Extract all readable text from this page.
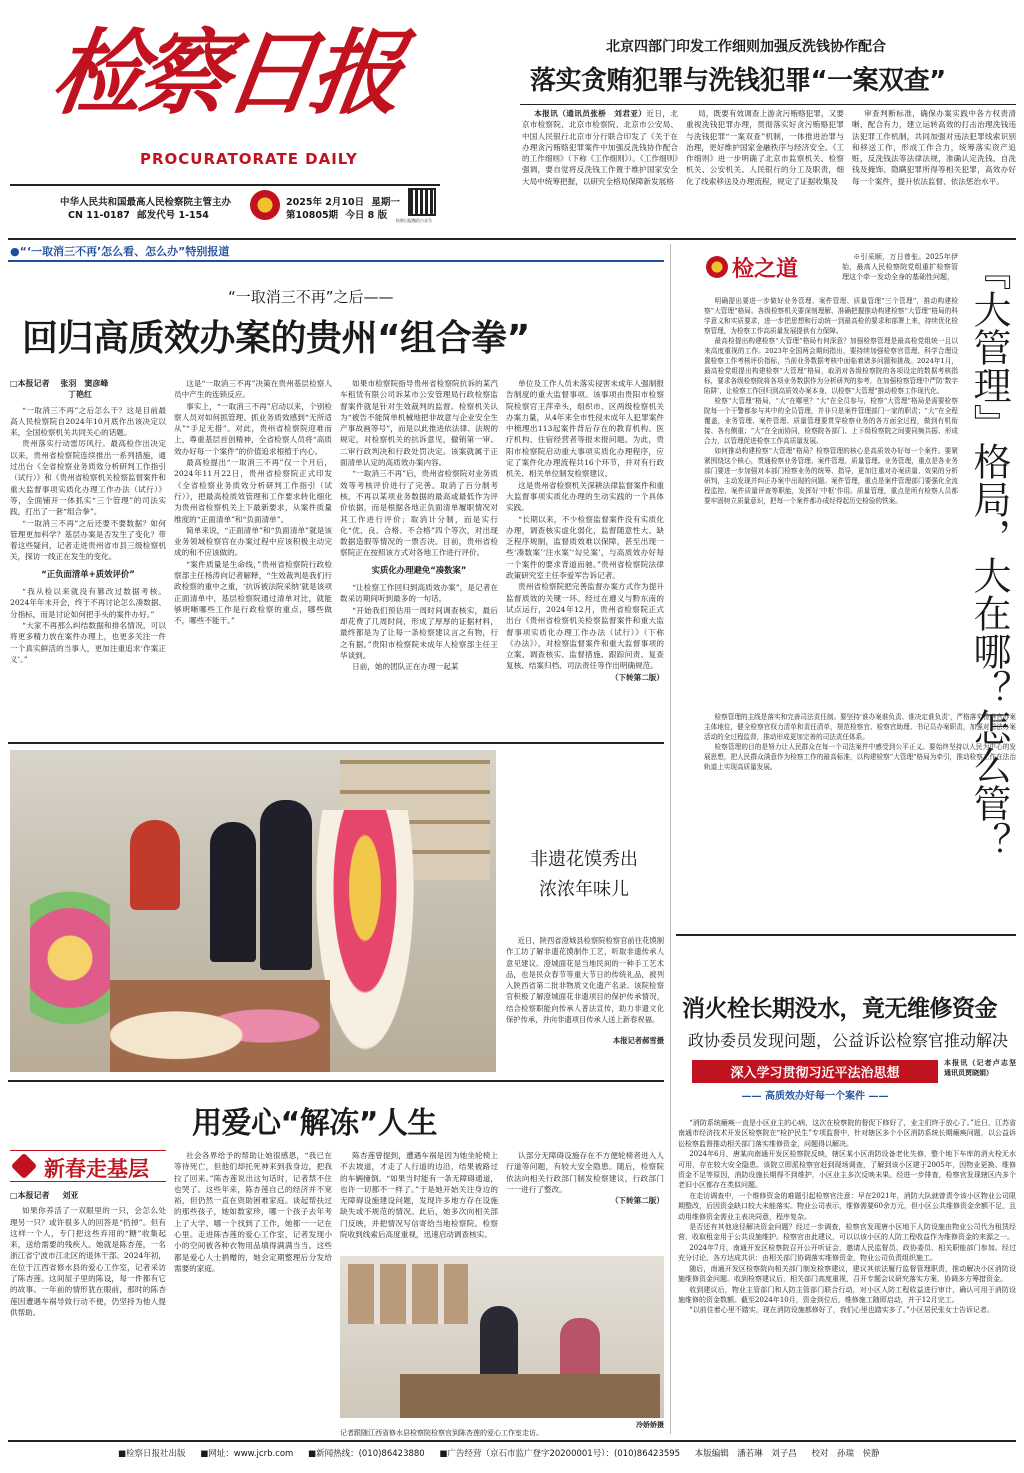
检察日报
PROCURATORATE DAILY
中华人民共和国最高人民检察院主管主办
CN 11-0187 邮发代号 1-154
2025年 2月10日 星期一
第10805期 今日 8 版 检察日报微信公众号
北京四部门印发工作细则加强反洗钱协作配合
落实贪贿犯罪与洗钱犯罪“一案双查”

本报讯（通讯员张桥　刘君亚）近日，北京市检察院、北京市检察院、北京市公安局、中国人民银行北京市分行联合印发了《关于在办理贪污贿赂犯罪案件中加强反洗钱协作配合的工作细则》（下称《工作细则》）。《工作细则》强调，要自觉将反洗钱工作置于维护国家安全大局中统筹把握，以研究全格局保障新发展格

局，既要有效调查上游贪污贿赂犯罪，又要重视洗钱犯罪办理，贯彻落实好贪污贿赂犯罪与洗钱犯罪“一案双查”机制，一体推进治罪与治理，更好维护国家金融秩序与经济安全。《工作细则》进一步明确了北京市监察机关、检察机关、公安机关、人民银行的分工及职责，细化了线索移送及办理流程，规定了证据收集及

审查判断标准，确保办案实践中各方权责清晰、配合有力，建立运转高效的打击治理洗钱违法犯罪工作机制，共同加强对违法犯罪线索识别和移送工作，形成工作合力，统筹落实资产追赃，反洗钱法等法律法规，准确认定洗钱、自洗钱及掩饰、隐瞒犯罪所得等相关犯罪，高效办好每一个案件，提升依法监督、依法惩治水平。

●“‘一取消三不再’怎么看、怎么办”特别报道
“一取消三不再”之后——
回归高质效办案的贵州“组合拳”
□本报记者 张羽　窦彦峰
丁艳红

“一取消三不再”之后怎么干？这是目前最高人民检察院自2024年10月底作出该决定以来，全国检察机关共同关心的话题。

贵州落实行动雷厉风行。最高检作出决定以来，贵州省检察院连续推出一系列措施，通过出台《全省检察业务质效分析研判工作指引（试行）》和《贵州省检察机关检察监督案件和重大监督事项实质化办理工作办法（试行）》等，全面铺开一体抓实“三个管理”的司法实践，打出了一套“组合拳”。

“一取消三不再”之后还要不要数据？如何管理更加科学？基层办案是否发生了变化？带着这些疑问，记者走进贵州省市县三级检察机关，探访一线正在发生的变化。

“正负面清单+质效评价”

“我从检以来就没有篡改过数据考核。2024年年末开会，终于不再讨论怎么凑数据、分指标，而是讨论如何把手头的案件办好。”

“大家不再那么纠结数据和排名情况，可以将更多精力放在案件办理上，也更多关注一件一个真实鲜活的当事人，更加注重追求‘作案正义’。”

这是“一取消三不再”决策在贵州基层检察人员中产生的连锁反应。

事实上，“一取消三不再”启动以来，个别检察人员对如何抓管理、抓业务质效感到“无所适从”“手足无措”。对此，贵州省检察院迎难而上，尊重基层首创精神，全省检察人员将“高质效办好每一个案件”的价值追求根植于内心。

最高检提出“一取消三不再”仅一个月后，2024年11月22日，贵州省检察院正式印发《全省检察业务质效分析研判工作指引（试行）》，把最高检质效管理和工作要求转化细化为贵州省检察机关上下最新要求，从案件质量维度的“正面清单”和“负面清单”。

简单来说，“正面清单”和“负面清单”就是该业务领域检察官在办案过程中应该积极主动完成的和不应该做的。

“案件质量是生命线，”贵州省检察院行政检察部主任杨涛向记者解释，“生效裁判是我们行政检察的重中之重，‘抗诉被法院采纳’就是该项正面清单中，基层检察院通过清单对比，就能够明晰哪些工作是行政检察的重点，哪些做不，哪些不能干。”

如果市检察院指导贵州省检察院抗诉的某汽车租赁有限公司诉某市公安管理局行政检察监督案件就是针对生效裁判的监督。检察机关认为“被告不能简单机械地把非故意与企业安全生产事故画等号”，而是以此推进依法律、法规的规定，对检察机关的抗诉意见，撤销第一审、二审行政判决和行政处罚决定。该案就属于正面清单认定的高质效办案内容。

“一取消三不再”后，贵州省检察院对业务质效等考核评价进行了完善。取消了百分制考核，不再以某项业务数据的最高或最低作为评价依据，而是根据各地正负面清单履职情况对其工作进行评价；取消计分制，而是实行化“优、良、合格、不合格”四个等次，对出现数据造假等情况的一票否决。目前，贵州省检察院正在按照该方式对各地工作进行评价。

实质化办理避免“凑数案”

“让检察工作回归到高质效办案”，是记者在数采访期间听到最多的一句话。

“开始我们预估用一周时间调查核实，最后却花费了几周时间，形成了厚厚的证据材料，最终都是为了让每一条检察建议言之有物，行之有据。”贵阳市检察院未成年人检察部主任王华谈到。

日前，她的团队正在办理一起某

单位及工作人员未落实侵害未成年人强制报告制度的重大监督事项。该事项由贵阳市检察院检察官王萍牵头，组织市、区两级检察机关办案力量，从4年来全市性侵未成年人犯罪案件中梳理出113起案件背后存在的教育机构、医疗机构、住宿经营者等报未报问题。为此，贵阳市检察院启动重大事项实质化办理程序，应定了案件化办理流程共16个环节，并对有行政机关、相关单位制发检察建议。

这是贵州省检察机关深耕法律监督案件和重大监督事项实质化办理的生动实践的一个具体实践。

“长期以来，不少检察监督案件没有实质化办理，调查核实虚化弱化，监督随意性大、缺乏程序规制，监督质效难以保障，甚至出现一些‘凑数案’‘注水案’‘勾兑案’，与高质效办好每一个案件的要求背道而驰。”贵州省检察院法律政策研究室主任李爱军告诉记者。

贵州省检察院把完善监督办案方式作为提升监督质效的关键一环。经过在遵义与黔东南的试点运行，2024年12月，贵州省检察院正式出台《贵州省检察机关检察监督案件和重大监督事项实质化办理工作办法（试行）》（下称《办法》），对检察监督案件和重大监督事项的立案、调查核实、监督措施、跟踪问责、复查复核、结案归档、司法责任等作出明确规范。

（下转第二版）
非遗花馍秀出
浓浓年味儿

近日，陕西省澄城县检察院检察官前往花馍制作工坊了解非遗花馍制作工艺，听取非遗传承人意见建议。澄城面花是当地民间的一种手工艺术品，也是民众春节等重大节日的传统礼品，被列入陕西省第二批非物质文化遗产名录。该院检察官积极了解澄城面花非遗项目的保护传承情况，结合检察职能向传承人普法宣传，助力非遗文化保护传承，并向非遗项目传承人送上新春祝福。

本报记者郝雪摄
用爱心“解冻”人生
新春走基层
□本报记者 刘亚

如果你养活了一双眼里的一只，会怎么处理另一只？或许很多人的回答是“扔掉”。但有这样一个人，专门把这些弃用的“糖”收集起来，送给需要的残疾人。她就是陈杏莲，一名浙江省宁波市江北区的退休干部。2024年初，在位于江西省修水县的爱心工作室，记者采访了陈杏莲。这间屋子里的陈设，每一件都有它的故事。一年前的情形犹在眼前，那时的陈杏莲因遭遇车祸导致行动不便，仍坚持为他人提供帮助。

社会各界给予的帮助让她很感恩，“我已在等待死亡，但他们却托死神来到我身边，把我拉了回来。”陈杏莲说出这句话时，记者禁不住也哭了。这些年来，陈杏莲自己的经济并不宽裕，但仍然一直在资助困难家庭。谈起帮扶过的那些孩子，她如数家珍，哪一个孩子去年考上了大学、哪一个找到了工作，她都一一记在心里。走进陈杏莲的爱心工作室，记者发现小小的空间被各种衣物用品填得满满当当。这些都是爱心人士捐赠的，她会定期整理后分发给需要的家庭。

陈杏莲曾提到，遭遇车祸是因为她坐轮椅上不去坡道，才走了人行道的边沿，结果被路过的车辆撞倒。“如果当时能有一条无障碍通道，也许一切都不一样了。”于是她开始关注身边的无障碍设施建设问题，发现许多地方存在设施缺失或不规范的情况。此后，她多次向相关部门反映，并把情况写信寄给当地检察院。检察院收到线索后高度重视，迅速启动调查核实。

认部分无障碍设施存在不方便轮椅者进入人行道等问题，有较大安全隐患。随后，检察院依法向相关行政部门制发检察建议，行政部门一一进行了整改。

（下转第二版）
记者跟随江西省修水县检察院检察官到陈杏莲的爱心工作室走访。
冷娇娇摄
检之道	『大管理』格局，大在哪？怎么管？

※引采顺，万日曾张。2025年伊始，最高人民检察院党组重扩检察管理这个牵一发动全身的基础性问题，

明确提出要进一步做好业务管理、案件管理、质量管理“三个管理”，推动构建检察“大管理”格局。各级检察机关要深刻理解、准确把握推动构建检察“大管理”格局的科学意义和实质要求，进一步把思想和行动统一到最高检的要求和部署上来，持续优化检察管理，为检察工作高质量发展提供有力保障。

最高检提出构建检察“大管理”格局有何深意？加强检察管理是最高检党组统一且以来高度重视的工作。2023年全国两会期间指出，要持续加强检察官管理、科学合理设置检察工作考核评价指标，当前业务数据考核中面临着诸多问题和挑战。2024年1月，最高检党组提出构建检察“大管理”格局，取消对各级检察院的各项设定的数据考核指标，要求各级检察院将各项业务数据作为分析研判的参考，在加强检察管理中严防‘数字陷阱’，让检察工作回归到高质效办案本身，以检察“大管理”推动检察工作现代化。

检察“大管理”格局，“大”在哪里？“大”在全员参与，检察“大管理”格局是需要检察院每一个干警都参与其中的全员管理，并非只是案件管理部门一家的职责；“大”在全程覆盖，业务管理、案件管理、质量管理要贯穿检察业务的各方面全过程，做到有机衔接、各有侧重；“大”在全面协同，检察院各部门、上下级检察院之间要同频共振、形成合力，以管理促进检察工作高质量发展。

如何推动构建检察“大管理”格局？检察管理的核心是高质效办好每一个案件。要紧紧围绕这个核心，贯通检察业务管理、案件管理、质量管理。业务管理，重点是各业务部门要进一步加强对本部门检察业务的统筹、指导，更加注重对办案质量、效果的分析研判，主动发现并纠正办案中出现的问题。案件管理，重点是案件管理部门要强化全流程监控、案件质量评查等职能，发挥好‘中枢’作用。质量管理，重点是所有检察人员都要牢固树立质量意识，把每一个案件都办成经得起历史检验的铁案。

检察管理的主线是落实和完善司法责任制。要坚持‘谁办案谁负责、谁决定谁负责’，严格落实检察官办案主体地位，健全检察官权力清单和责任清单，规范检察官、检察官助理、书记员办案职责，加强对司法办案活动的全过程监督，推动形成更加完善的司法责任体系。

检察管理的目的是努力让人民群众在每一个司法案件中感受到公平正义。要始终坚持以人民为中心的发展思想，把人民群众满意作为检察工作的最高标准，以构建检察“大管理”格局为牵引，推动检察工作在法治轨道上实现高质量发展。

消火栓长期没水，竟无维修资金
政协委员发现问题，公益诉讼检察官推动解决
深入学习贯彻习近平法治思想
—— 高质效办好每一个案件 ——

本报讯（记者卢志坚　通讯员贾晓娟）

“消防系统瘫痪一直是小区业主的心病，这次在检察院的督促下修好了，业主们终于放心了。”近日，江苏省南通市经济技术开发区检察院在“检护民生”专项监督中，针对辖区多个小区消防系统长期瘫痪问题，以公益诉讼检察监督推动相关部门落实维修资金，问题得以解决。

2024年6月，唐某向南通开发区检察院反映，辖区某小区消防设备老化失修，整个地下车库的消火栓无水可用，存在较大安全隐患。该院立即派检察官赶到现场调查，了解到该小区建于2005年，因物业更换、维修资金不足等原因，消防设施长期得不到维护，小区业主多次反映未果。经进一步排查，检察官发现辖区内多个老旧小区都存在类似问题。

在走访调查中，一个维修资金的难题引起检察官注意：早在2021年，消防大队就曾责令该小区物业公司限期整改，后因资金缺口较大未能落实。物业公司表示，维修需要60余万元，但小区公共维修资金余额不足，且动用维修资金需业主表决同意，程序复杂。

是否还有其他途径解决资金问题？经过一步调查，检察官发现唐小区地下人防设施由物业公司代为租赁经营，收取租金用于公共设施维护。检察官由此建议，可以以该小区的人防工程收益作为维修资金的来源之一。

2024年7月，南通开发区检察院召开公开听证会，邀请人民监督员、政协委员、相关职能部门参加。经过充分讨论，各方达成共识：由相关部门协调落实维修资金，物业公司负责组织施工。

随后，南通开发区检察院向相关部门制发检察建议，建议其依法履行监督管理职责，推动解决小区消防设施维修资金问题。收到检察建议后，相关部门高度重视，召开专题会议研究落实方案，协调多方筹措资金。

收到建议后，物业主管部门和人防主管部门联合行动，对小区人防工程收益进行审计，确认可用于消防设施维修的资金数额。截至2024年10月，资金到位后，维修施工随即启动，并于12月完工。

“以前住着心里不踏实，现在消防设施都修好了，我们心里也踏实多了。”小区居民张女士告诉记者。

■检察日报社出版 ■网址：www.jcrb.com ■新闻热线：(010)86423880 ■广告经营（京石市监广登字20200001号）：(010)86423595 本版编辑　潘若琳　刘子昌 校对　孙瑞　侯静
